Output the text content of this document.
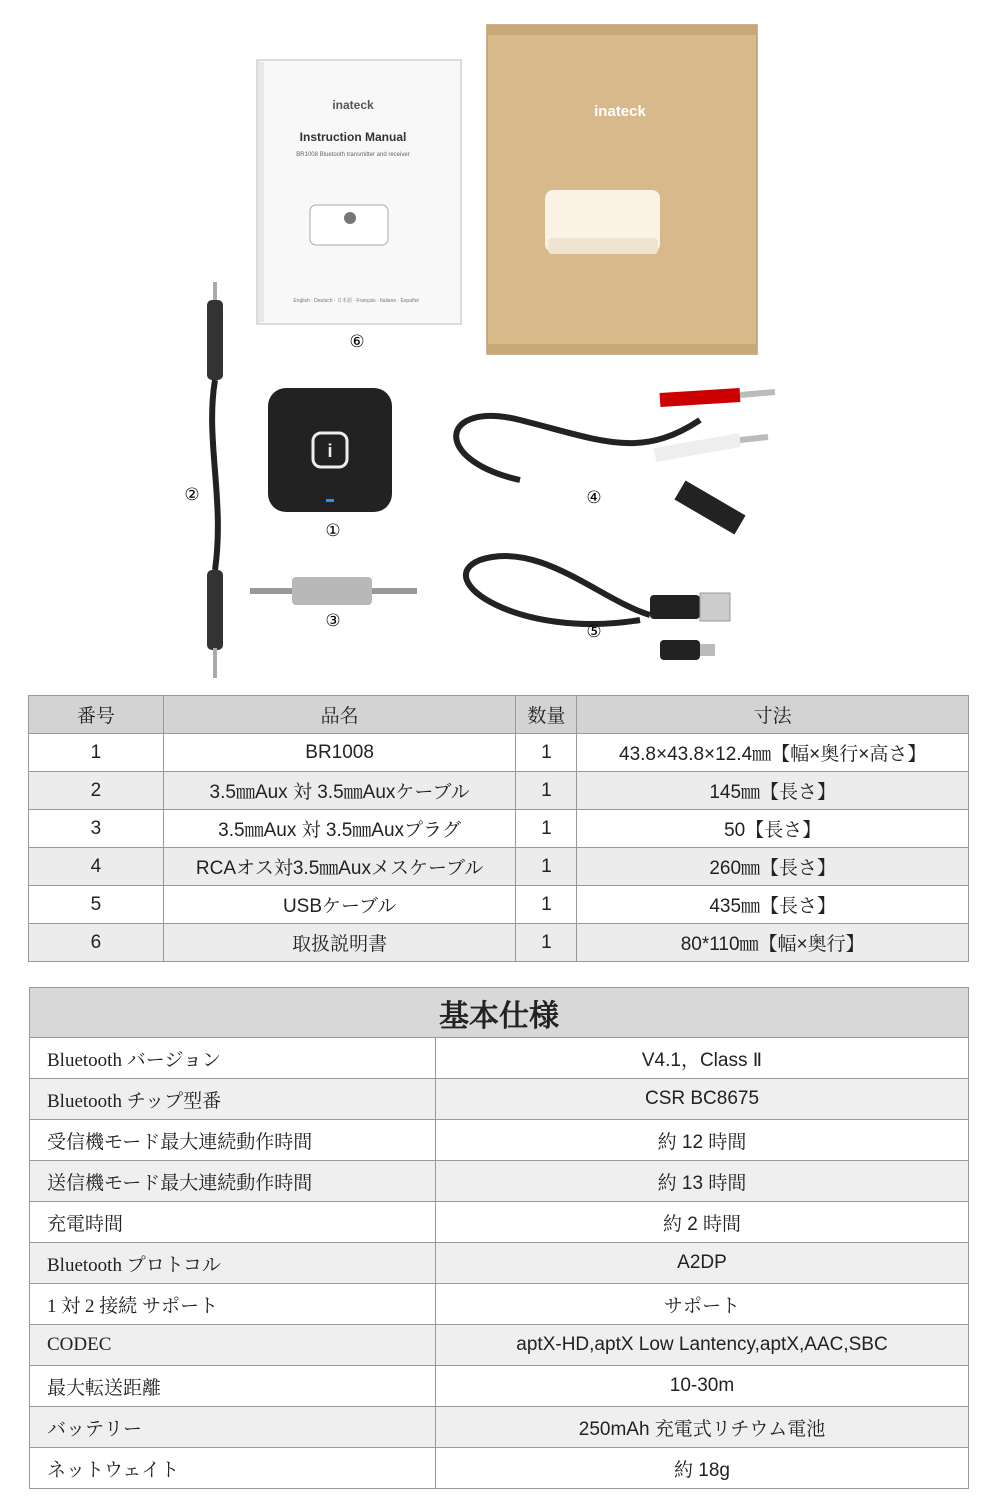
inateck
Instruction Manual
BR1008 Bluetooth transmitter and receiver
English · Deutsch · 日本語 · Français · Italiano · Español
⑥
inateck
②
i
①
③
④
⑤
番号	品名	数量	寸法
1	BR1008	1	43.8×43.8×12.4㎜【幅×奥行×高さ】
2	3.5㎜Aux 対 3.5㎜Auxケーブル	1	145㎜【長さ】
3	3.5㎜Aux 対 3.5㎜Auxプラグ	1	50【長さ】
4	RCAオス対3.5㎜Auxメスケーブル	1	260㎜【長さ】
5	USBケーブル	1	435㎜【長さ】
6	取扱説明書	1	80*110㎜【幅×奥行】
基本仕様	
Bluetooth バージョン	V4.1，Class Ⅱ
Bluetooth チップ型番	CSR BC8675
受信機モード最大連続動作時間	約 12 時間
送信機モード最大連続動作時間	約 13 時間
充電時間	約 2 時間
Bluetooth プロトコル	A2DP
1 対 2 接続 サポート	サポート
CODEC	aptX-HD,aptX Low Lantency,aptX,AAC,SBC
最大転送距離	10-30m
バッテリー	250mAh 充電式リチウム電池
ネットウェイト	約 18g
